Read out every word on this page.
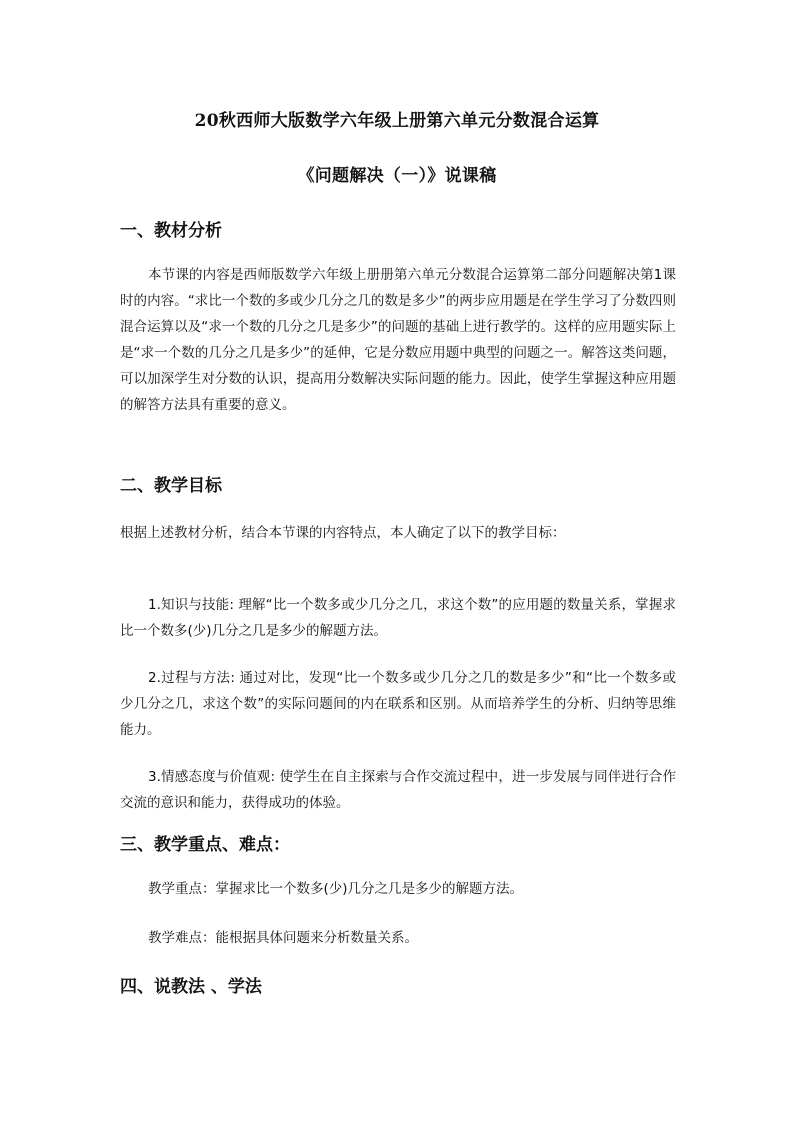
20秋西师大版数学六年级上册第六单元分数混合运算
《问题解决（一）》说课稿
一、教材分析
本节课的内容是西师版数学六年级上册册第六单元分数混合运算第二部分问题解决第1课时的内容。“求比一个数的多或少几分之几的数是多少”的两步应用题是在学生学习了分数四则混合运算以及“求一个数的几分之几是多少”的问题的基础上进行教学的。这样的应用题实际上是“求一个数的几分之几是多少”的延伸，它是分数应用题中典型的问题之一。解答这类问题，可以加深学生对分数的认识，提高用分数解决实际问题的能力。因此，使学生掌握这种应用题的解答方法具有重要的意义。
二、教学目标
根据上述教材分析，结合本节课的内容特点，本人确定了以下的教学目标：
1.知识与技能: 理解“比一个数多或少几分之几，求这个数”的应用题的数量关系，掌握求比一个数多(少)几分之几是多少的解题方法。
2.过程与方法: 通过对比，发现“比一个数多或少几分之几的数是多少”和“比一个数多或少几分之几，求这个数”的实际问题间的内在联系和区别。从而培养学生的分析、归纳等思维能力。
3.情感态度与价值观: 使学生在自主探索与合作交流过程中，进一步发展与同伴进行合作交流的意识和能力，获得成功的体验。
三、教学重点、难点：
教学重点：掌握求比一个数多(少)几分之几是多少的解题方法。
教学难点：能根据具体问题来分析数量关系。
四、说教法 、学法
